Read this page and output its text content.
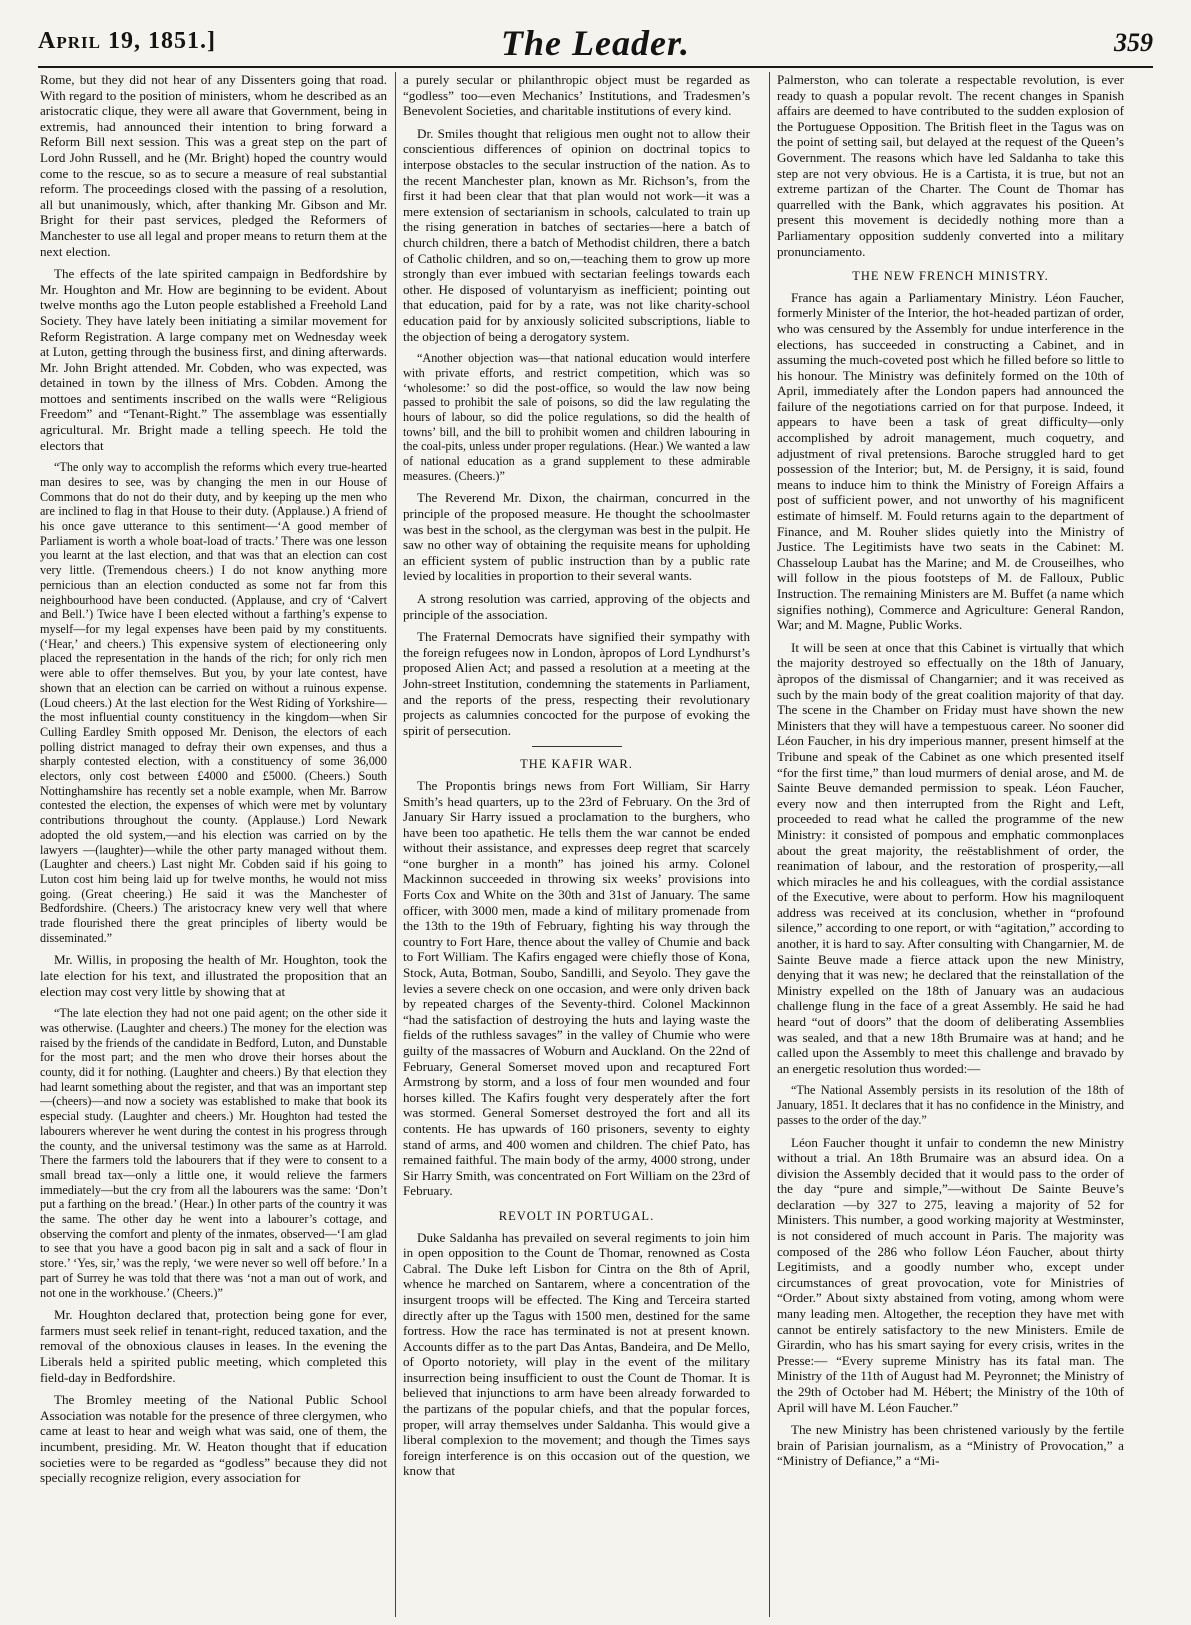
April 19, 1851.]	The Leader.	359

Rome, but they did not hear of any Dissenters going that road. With regard to the position of ministers, whom he described as an aristocratic clique, they were all aware that Government, being in extremis, had announced their intention to bring forward a Reform Bill next session. This was a great step on the part of Lord John Russell, and he (Mr. Bright) hoped the country would come to the rescue, so as to secure a measure of real substantial reform. The proceedings closed with the passing of a resolution, all but unanimously, which, after thanking Mr. Gibson and Mr. Bright for their past services, pledged the Reformers of Manchester to use all legal and proper means to return them at the next election.

The effects of the late spirited campaign in Bedfordshire by Mr. Houghton and Mr. How are beginning to be evident. About twelve months ago the Luton people established a Freehold Land Society. They have lately been initiating a similar movement for Reform Registration. A large company met on Wednesday week at Luton, getting through the business first, and dining afterwards. Mr. John Bright attended. Mr. Cobden, who was expected, was detained in town by the illness of Mrs. Cobden. Among the mottoes and sentiments inscribed on the walls were “Religious Freedom” and “Tenant-Right.” The assemblage was essentially agricultural. Mr. Bright made a telling speech. He told the electors that

“The only way to accomplish the reforms which every true-hearted man desires to see, was by changing the men in our House of Commons that do not do their duty, and by keeping up the men who are inclined to flag in that House to their duty. (Applause.) A friend of his once gave utterance to this sentiment—‘A good member of Parliament is worth a whole boat-load of tracts.’ There was one lesson you learnt at the last election, and that was that an election can cost very little. (Tremendous cheers.) I do not know anything more pernicious than an election conducted as some not far from this neighbourhood have been conducted. (Applause, and cry of ‘Calvert and Bell.’) Twice have I been elected without a farthing’s expense to myself—for my legal expenses have been paid by my constituents. (‘Hear,’ and cheers.) This expensive system of electioneering only placed the representation in the hands of the rich; for only rich men were able to offer themselves. But you, by your late contest, have shown that an election can be carried on without a ruinous expense. (Loud cheers.) At the last election for the West Riding of Yorkshire—the most influential county constituency in the kingdom—when Sir Culling Eardley Smith opposed Mr. Denison, the electors of each polling district managed to defray their own expenses, and thus a sharply contested election, with a constituency of some 36,000 electors, only cost between £4000 and £5000. (Cheers.) South Nottinghamshire has recently set a noble example, when Mr. Barrow contested the election, the expenses of which were met by voluntary contributions throughout the county. (Applause.) Lord Newark adopted the old system,—and his election was carried on by the lawyers —(laughter)—while the other party managed without them. (Laughter and cheers.) Last night Mr. Cobden said if his going to Luton cost him being laid up for twelve months, he would not miss going. (Great cheering.) He said it was the Manchester of Bedfordshire. (Cheers.) The aristocracy knew very well that where trade flourished there the great principles of liberty would be disseminated.”

Mr. Willis, in proposing the health of Mr. Houghton, took the late election for his text, and illustrated the proposition that an election may cost very little by showing that at

“The late election they had not one paid agent; on the other side it was otherwise. (Laughter and cheers.) The money for the election was raised by the friends of the candidate in Bedford, Luton, and Dunstable for the most part; and the men who drove their horses about the county, did it for nothing. (Laughter and cheers.) By that election they had learnt something about the register, and that was an important step—(cheers)—and now a society was established to make that book its especial study. (Laughter and cheers.) Mr. Houghton had tested the labourers wherever he went during the contest in his progress through the county, and the universal testimony was the same as at Harrold. There the farmers told the labourers that if they were to consent to a small bread tax—only a little one, it would relieve the farmers immediately—but the cry from all the labourers was the same: ‘Don’t put a farthing on the bread.’ (Hear.) In other parts of the country it was the same. The other day he went into a labourer’s cottage, and observing the comfort and plenty of the inmates, observed—‘I am glad to see that you have a good bacon pig in salt and a sack of flour in store.’ ‘Yes, sir,’ was the reply, ‘we were never so well off before.’ In a part of Surrey he was told that there was ‘not a man out of work, and not one in the workhouse.’ (Cheers.)”

Mr. Houghton declared that, protection being gone for ever, farmers must seek relief in tenant-right, reduced taxation, and the removal of the obnoxious clauses in leases. In the evening the Liberals held a spirited public meeting, which completed this field-day in Bedfordshire.

The Bromley meeting of the National Public School Association was notable for the presence of three clergymen, who came at least to hear and weigh what was said, one of them, the incumbent, presiding. Mr. W. Heaton thought that if education societies were to be regarded as “godless” because they did not specially recognize religion, every association for

a purely secular or philanthropic object must be regarded as “godless” too—even Mechanics’ Institutions, and Tradesmen’s Benevolent Societies, and charitable institutions of every kind.

Dr. Smiles thought that religious men ought not to allow their conscientious differences of opinion on doctrinal topics to interpose obstacles to the secular instruction of the nation. As to the recent Manchester plan, known as Mr. Richson’s, from the first it had been clear that that plan would not work—it was a mere extension of sectarianism in schools, calculated to train up the rising generation in batches of sectaries—here a batch of church children, there a batch of Methodist children, there a batch of Catholic children, and so on,—teaching them to grow up more strongly than ever imbued with sectarian feelings towards each other. He disposed of voluntaryism as inefficient; pointing out that education, paid for by a rate, was not like charity-school education paid for by anxiously solicited subscriptions, liable to the objection of being a derogatory system.

“Another objection was—that national education would interfere with private efforts, and restrict competition, which was so ‘wholesome:’ so did the post-office, so would the law now being passed to prohibit the sale of poisons, so did the law regulating the hours of labour, so did the police regulations, so did the health of towns’ bill, and the bill to prohibit women and children labouring in the coal-pits, unless under proper regulations. (Hear.) We wanted a law of national education as a grand supplement to these admirable measures. (Cheers.)”

The Reverend Mr. Dixon, the chairman, concurred in the principle of the proposed measure. He thought the schoolmaster was best in the school, as the clergyman was best in the pulpit. He saw no other way of obtaining the requisite means for upholding an efficient system of public instruction than by a public rate levied by localities in proportion to their several wants.

A strong resolution was carried, approving of the objects and principle of the association.

The Fraternal Democrats have signified their sympathy with the foreign refugees now in London, àpropos of Lord Lyndhurst’s proposed Alien Act; and passed a resolution at a meeting at the John-street Institution, condemning the statements in Parliament, and the reports of the press, respecting their revolutionary projects as calumnies concocted for the purpose of evoking the spirit of persecution.

THE KAFIR WAR.

The Propontis brings news from Fort William, Sir Harry Smith’s head quarters, up to the 23rd of February. On the 3rd of January Sir Harry issued a proclamation to the burghers, who have been too apathetic. He tells them the war cannot be ended without their assistance, and expresses deep regret that scarcely “one burgher in a month” has joined his army. Colonel Mackinnon succeeded in throwing six weeks’ provisions into Forts Cox and White on the 30th and 31st of January. The same officer, with 3000 men, made a kind of military promenade from the 13th to the 19th of February, fighting his way through the country to Fort Hare, thence about the valley of Chumie and back to Fort William. The Kafirs engaged were chiefly those of Kona, Stock, Auta, Botman, Soubo, Sandilli, and Seyolo. They gave the levies a severe check on one occasion, and were only driven back by repeated charges of the Seventy-third. Colonel Mackinnon “had the satisfaction of destroying the huts and laying waste the fields of the ruthless savages” in the valley of Chumie who were guilty of the massacres of Woburn and Auckland. On the 22nd of February, General Somerset moved upon and recaptured Fort Armstrong by storm, and a loss of four men wounded and four horses killed. The Kafirs fought very desperately after the fort was stormed. General Somerset destroyed the fort and all its contents. He has upwards of 160 prisoners, seventy to eighty stand of arms, and 400 women and children. The chief Pato, has remained faithful. The main body of the army, 4000 strong, under Sir Harry Smith, was concentrated on Fort William on the 23rd of February.

REVOLT IN PORTUGAL.

Duke Saldanha has prevailed on several regiments to join him in open opposition to the Count de Thomar, renowned as Costa Cabral. The Duke left Lisbon for Cintra on the 8th of April, whence he marched on Santarem, where a concentration of the insurgent troops will be effected. The King and Terceira started directly after up the Tagus with 1500 men, destined for the same fortress. How the race has terminated is not at present known. Accounts differ as to the part Das Antas, Bandeira, and De Mello, of Oporto notoriety, will play in the event of the military insurrection being insufficient to oust the Count de Thomar. It is believed that injunctions to arm have been already forwarded to the partizans of the popular chiefs, and that the popular forces, proper, will array themselves under Saldanha. This would give a liberal complexion to the movement; and though the Times says foreign interference is on this occasion out of the question, we know that

Palmerston, who can tolerate a respectable revolution, is ever ready to quash a popular revolt. The recent changes in Spanish affairs are deemed to have contributed to the sudden explosion of the Portuguese Opposition. The British fleet in the Tagus was on the point of setting sail, but delayed at the request of the Queen’s Government. The reasons which have led Saldanha to take this step are not very obvious. He is a Cartista, it is true, but not an extreme partizan of the Charter. The Count de Thomar has quarrelled with the Bank, which aggravates his position. At present this movement is decidedly nothing more than a Parliamentary opposition suddenly converted into a military pronunciamento.

THE NEW FRENCH MINISTRY.

France has again a Parliamentary Ministry. Léon Faucher, formerly Minister of the Interior, the hot-headed partizan of order, who was censured by the Assembly for undue interference in the elections, has succeeded in constructing a Cabinet, and in assuming the much-coveted post which he filled before so little to his honour. The Ministry was definitely formed on the 10th of April, immediately after the London papers had announced the failure of the negotiations carried on for that purpose. Indeed, it appears to have been a task of great difficulty—only accomplished by adroit management, much coquetry, and adjustment of rival pretensions. Baroche struggled hard to get possession of the Interior; but, M. de Persigny, it is said, found means to induce him to think the Ministry of Foreign Affairs a post of sufficient power, and not unworthy of his magnificent estimate of himself. M. Fould returns again to the department of Finance, and M. Rouher slides quietly into the Ministry of Justice. The Legitimists have two seats in the Cabinet: M. Chasseloup Laubat has the Marine; and M. de Crouseilhes, who will follow in the pious footsteps of M. de Falloux, Public Instruction. The remaining Ministers are M. Buffet (a name which signifies nothing), Commerce and Agriculture: General Randon, War; and M. Magne, Public Works.

It will be seen at once that this Cabinet is virtually that which the majority destroyed so effectually on the 18th of January, àpropos of the dismissal of Changarnier; and it was received as such by the main body of the great coalition majority of that day. The scene in the Chamber on Friday must have shown the new Ministers that they will have a tempestuous career. No sooner did Léon Faucher, in his dry imperious manner, present himself at the Tribune and speak of the Cabinet as one which presented itself “for the first time,” than loud murmers of denial arose, and M. de Sainte Beuve demanded permission to speak. Léon Faucher, every now and then interrupted from the Right and Left, proceeded to read what he called the programme of the new Ministry: it consisted of pompous and emphatic commonplaces about the great majority, the reëstablishment of order, the reanimation of labour, and the restoration of prosperity,—all which miracles he and his colleagues, with the cordial assistance of the Executive, were about to perform. How his magniloquent address was received at its conclusion, whether in “profound silence,” according to one report, or with “agitation,” according to another, it is hard to say. After consulting with Changarnier, M. de Sainte Beuve made a fierce attack upon the new Ministry, denying that it was new; he declared that the reinstallation of the Ministry expelled on the 18th of January was an audacious challenge flung in the face of a great Assembly. He said he had heard “out of doors” that the doom of deliberating Assemblies was sealed, and that a new 18th Brumaire was at hand; and he called upon the Assembly to meet this challenge and bravado by an energetic resolution thus worded:—

“The National Assembly persists in its resolution of the 18th of January, 1851. It declares that it has no confidence in the Ministry, and passes to the order of the day.”

Léon Faucher thought it unfair to condemn the new Ministry without a trial. An 18th Brumaire was an absurd idea. On a division the Assembly decided that it would pass to the order of the day “pure and simple,”—without De Sainte Beuve’s declaration —by 327 to 275, leaving a majority of 52 for Ministers. This number, a good working majority at Westminster, is not considered of much account in Paris. The majority was composed of the 286 who follow Léon Faucher, about thirty Legitimists, and a goodly number who, except under circumstances of great provocation, vote for Ministries of “Order.” About sixty abstained from voting, among whom were many leading men. Altogether, the reception they have met with cannot be entirely satisfactory to the new Ministers. Emile de Girardin, who has his smart saying for every crisis, writes in the Presse:— “Every supreme Ministry has its fatal man. The Ministry of the 11th of August had M. Peyronnet; the Ministry of the 29th of October had M. Hébert; the Ministry of the 10th of April will have M. Léon Faucher.”

The new Ministry has been christened variously by the fertile brain of Parisian journalism, as a “Ministry of Provocation,” a “Ministry of Defiance,” a “Mi-
